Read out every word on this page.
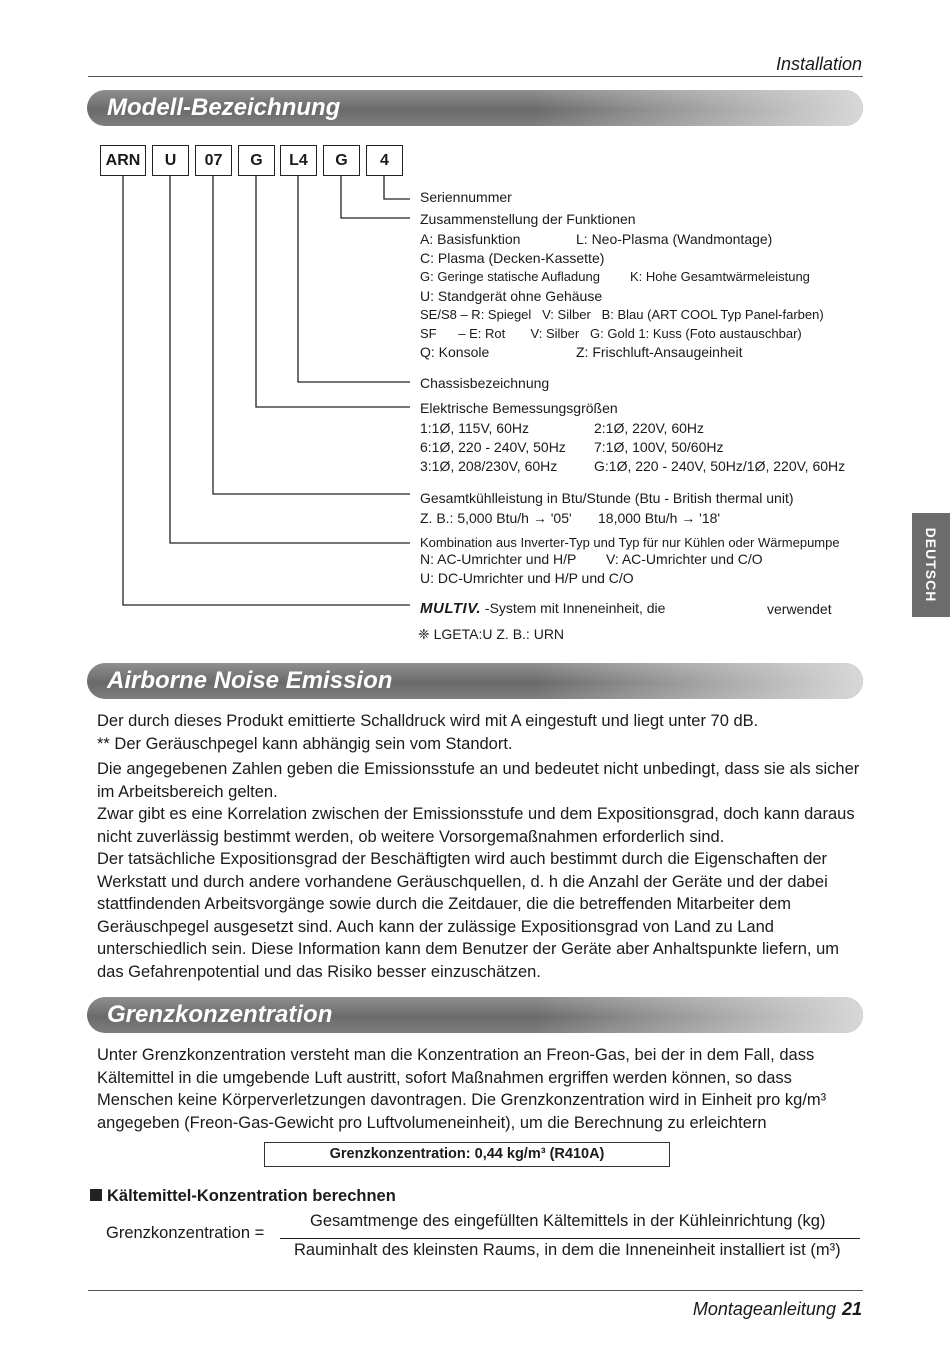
Installation
Modell-Bezeichnung
ARN	U	07	G	L4	G	4
Seriennummer
Zusammenstellung der Funktionen
A: Basisfunktion	L: Neo-Plasma (Wandmontage)
C: Plasma (Decken-Kassette)
G: Geringe statische Aufladung K: Hohe Gesamtwärmeleistung
U: Standgerät ohne Gehäuse
SE/S8 – R: Spiegel   V: Silber   B: Blau (ART COOL Typ Panel-farben)
SF      – E: Rot       V: Silber   G: Gold 1: Kuss (Foto austauschbar)
Q: Konsole	Z: Frischluft-Ansaugeinheit
Chassisbezeichnung
Elektrische Bemessungsgrößen
1:1Ø, 115V, 60Hz	2:1Ø, 220V, 60Hz
6:1Ø, 220 - 240V, 50Hz 7:1Ø, 100V, 50/60Hz
3:1Ø, 208/230V, 60Hz	G:1Ø, 220 - 240V, 50Hz/1Ø, 220V, 60Hz
Gesamtkühlleistung in Btu/Stunde (Btu - British thermal unit)
Z. B.: 5,000 Btu/h → '05' 18,000 Btu/h → '18'
Kombination aus Inverter-Typ und Typ für nur Kühlen oder Wärmepumpe
N: AC-Umrichter und H/P V: AC-Umrichter und C/O
U: DC-Umrichter und H/P und C/O
MULTIV. -System mit Inneneinheit, die	verwendet
❈ LGETA:U Z. B.: URN
Airborne Noise Emission

Der durch dieses Produkt emittierte Schalldruck wird mit A eingestuft und liegt unter 70 dB.

** Der Geräuschpegel kann abhängig sein vom Standort.

Die angegebenen Zahlen geben die Emissionsstufe an und bedeutet nicht unbedingt, dass sie als sicher im Arbeitsbereich gelten.

Zwar gibt es eine Korrelation zwischen der Emissionsstufe und dem Expositionsgrad, doch kann daraus nicht zuverlässig bestimmt werden, ob weitere Vorsorgemaßnahmen erforderlich sind.

Der tatsächliche Expositionsgrad der Beschäftigten wird auch bestimmt durch die Eigenschaften der Werkstatt und durch andere vorhandene Geräuschquellen, d. h die Anzahl der Geräte und der dabei stattfindenden Arbeitsvorgänge sowie durch die Zeitdauer, die die betreffenden Mitarbeiter dem Geräuschpegel ausgesetzt sind. Auch kann der zulässige Expositionsgrad von Land zu Land unterschiedlich sein. Diese Information kann dem Benutzer der Geräte aber Anhaltspunkte liefern, um das Gefahrenpotential und das Risiko besser einzuschätzen.

Grenzkonzentration

Unter Grenzkonzentration versteht man die Konzentration an Freon-Gas, bei der in dem Fall, dass Kältemittel in die umgebende Luft austritt, sofort Maßnahmen ergriffen werden können, so dass Menschen keine Körperverletzungen davontragen. Die Grenzkonzentration wird in Einheit pro kg/m³ angegeben (Freon-Gas-Gewicht pro Luftvolumeneinheit), um die Berechnung zu erleichtern

Grenzkonzentration: 0,44 kg/m³ (R410A)
Kältemittel-Konzentration berechnen
Grenzkonzentration =
Gesamtmenge des eingefüllten Kältemittels in der Kühleinrichtung (kg)
Rauminhalt des kleinsten Raums, in dem die Inneneinheit installiert ist (m³)
DEUTSCH
Montageanleitung 21
